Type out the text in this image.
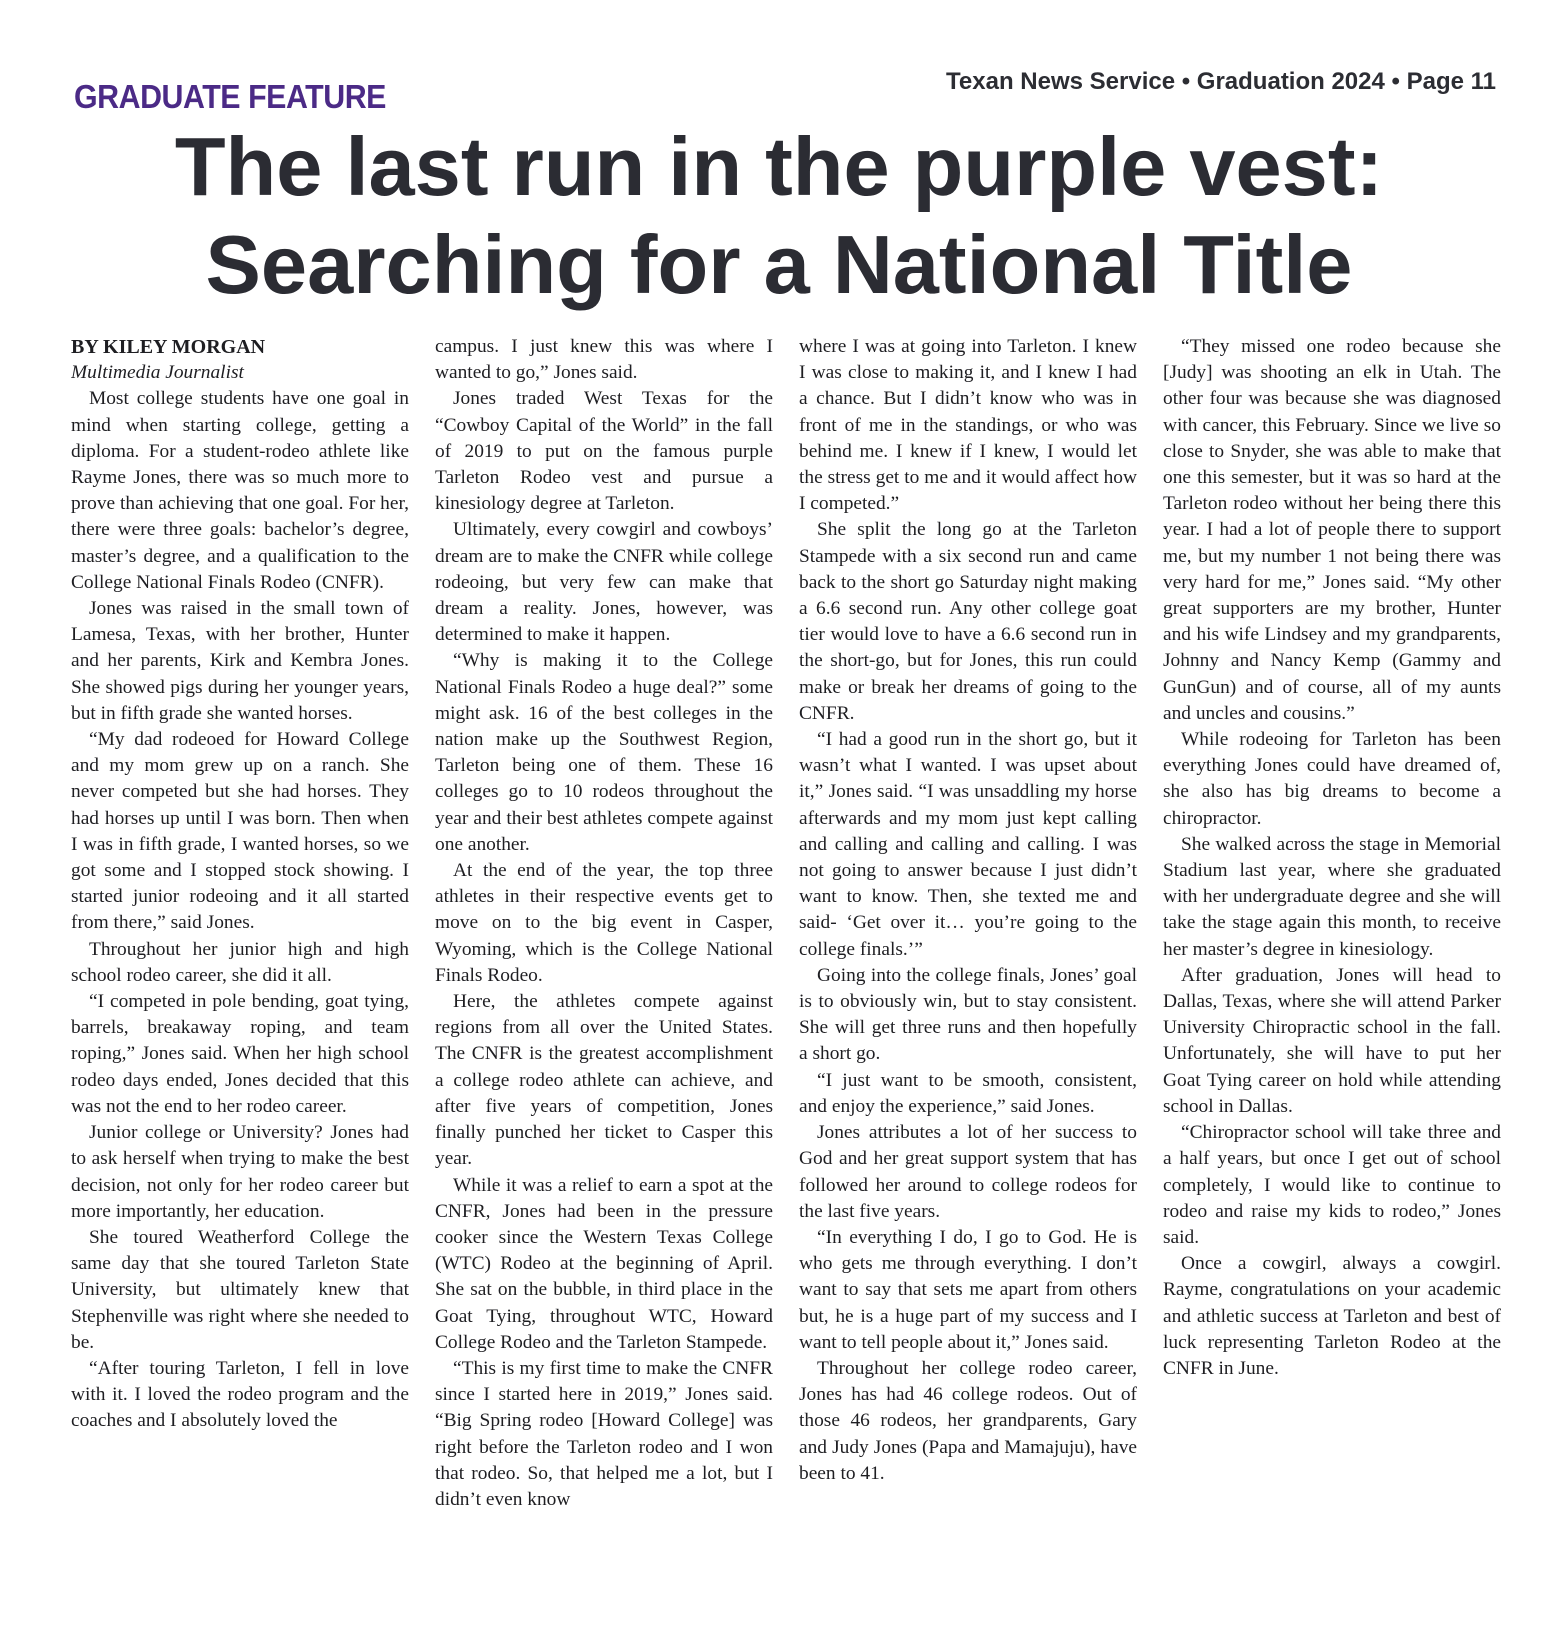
GRADUATE FEATURE	Texan News Service • Graduation 2024 • Page 11
The last run in the purple vest:
Searching for a National Title

BY KILEY MORGAN

Multimedia Journalist

Most college students have one goal in mind when starting college, getting a diploma. For a student-rodeo athlete like Rayme Jones, there was so much more to prove than achieving that one goal. For her, there were three goals: bachelor’s degree, master’s degree, and a qualification to the College National Finals Rodeo (CNFR).

Jones was raised in the small town of Lamesa, Texas, with her brother, Hunter and her parents, Kirk and Kembra Jones. She showed pigs during her younger years, but in fifth grade she wanted horses.

“My dad rodeoed for Howard College and my mom grew up on a ranch. She never competed but she had horses. They had horses up until I was born. Then when I was in fifth grade, I wanted horses, so we got some and I stopped stock showing. I started junior rodeoing and it all started from there,” said Jones.

Throughout her junior high and high school rodeo career, she did it all.

“I competed in pole bending, goat tying, barrels, breakaway roping, and team roping,” Jones said. When her high school rodeo days ended, Jones decided that this was not the end to her rodeo career.

Junior college or University? Jones had to ask herself when trying to make the best decision, not only for her rodeo career but more importantly, her education.

She toured Weatherford College the same day that she toured Tarleton State University, but ultimately knew that Stephenville was right where she needed to be.

“After touring Tarleton, I fell in love with it. I loved the rodeo program and the coaches and I absolutely loved the

campus. I just knew this was where I wanted to go,” Jones said.

Jones traded West Texas for the “Cowboy Capital of the World” in the fall of 2019 to put on the famous purple Tarleton Rodeo vest and pursue a kinesiology degree at Tarleton.

Ultimately, every cowgirl and cowboys’ dream are to make the CNFR while college rodeoing, but very few can make that dream a reality. Jones, however, was determined to make it happen.

“Why is making it to the College National Finals Rodeo a huge deal?” some might ask. 16 of the best colleges in the nation make up the Southwest Region, Tarleton being one of them. These 16 colleges go to 10 rodeos throughout the year and their best athletes compete against one another.

At the end of the year, the top three athletes in their respective events get to move on to the big event in Casper, Wyoming, which is the College National Finals Rodeo.

Here, the athletes compete against regions from all over the United States. The CNFR is the greatest accomplishment a college rodeo athlete can achieve, and after five years of competition, Jones finally punched her ticket to Casper this year.

While it was a relief to earn a spot at the CNFR, Jones had been in the pressure cooker since the Western Texas College (WTC) Rodeo at the beginning of April. She sat on the bubble, in third place in the Goat Tying, throughout WTC, Howard College Rodeo and the Tarleton Stampede.

“This is my first time to make the CNFR since I started here in 2019,” Jones said. “Big Spring rodeo [Howard College] was right before the Tarleton rodeo and I won that rodeo. So, that helped me a lot, but I didn’t even know

where I was at going into Tarleton. I knew I was close to making it, and I knew I had a chance. But I didn’t know who was in front of me in the standings, or who was behind me. I knew if I knew, I would let the stress get to me and it would affect how I competed.”

She split the long go at the Tarleton Stampede with a six second run and came back to the short go Saturday night making a 6.6 second run. Any other college goat tier would love to have a 6.6 second run in the short-go, but for Jones, this run could make or break her dreams of going to the CNFR.

“I had a good run in the short go, but it wasn’t what I wanted. I was upset about it,” Jones said. “I was unsaddling my horse afterwards and my mom just kept calling and calling and calling and calling. I was not going to answer because I just didn’t want to know. Then, she texted me and said- ‘Get over it… you’re going to the college finals.’”

Going into the college finals, Jones’ goal is to obviously win, but to stay consistent. She will get three runs and then hopefully a short go.

“I just want to be smooth, consistent, and enjoy the experience,” said Jones.

Jones attributes a lot of her success to God and her great support system that has followed her around to college rodeos for the last five years.

“In everything I do, I go to God. He is who gets me through everything. I don’t want to say that sets me apart from others but, he is a huge part of my success and I want to tell people about it,” Jones said.

Throughout her college rodeo career, Jones has had 46 college rodeos. Out of those 46 rodeos, her grandparents, Gary and Judy Jones (Papa and Mamajuju), have been to 41.

“They missed one rodeo because she [Judy] was shooting an elk in Utah. The other four was because she was diagnosed with cancer, this February. Since we live so close to Snyder, she was able to make that one this semester, but it was so hard at the Tarleton rodeo without her being there this year. I had a lot of people there to support me, but my number 1 not being there was very hard for me,” Jones said. “My other great supporters are my brother, Hunter and his wife Lindsey and my grandparents, Johnny and Nancy Kemp (Gammy and GunGun) and of course, all of my aunts and uncles and cousins.”

While rodeoing for Tarleton has been everything Jones could have dreamed of, she also has big dreams to become a chiropractor.

She walked across the stage in Memorial Stadium last year, where she graduated with her undergraduate degree and she will take the stage again this month, to receive her master’s degree in kinesiology.

After graduation, Jones will head to Dallas, Texas, where she will attend Parker University Chiropractic school in the fall. Unfortunately, she will have to put her Goat Tying career on hold while attending school in Dallas.

“Chiropractor school will take three and a half years, but once I get out of school completely, I would like to continue to rodeo and raise my kids to rodeo,” Jones said.

Once a cowgirl, always a cowgirl. Rayme, congratulations on your academic and athletic success at Tarleton and best of luck representing Tarleton Rodeo at the CNFR in June.
